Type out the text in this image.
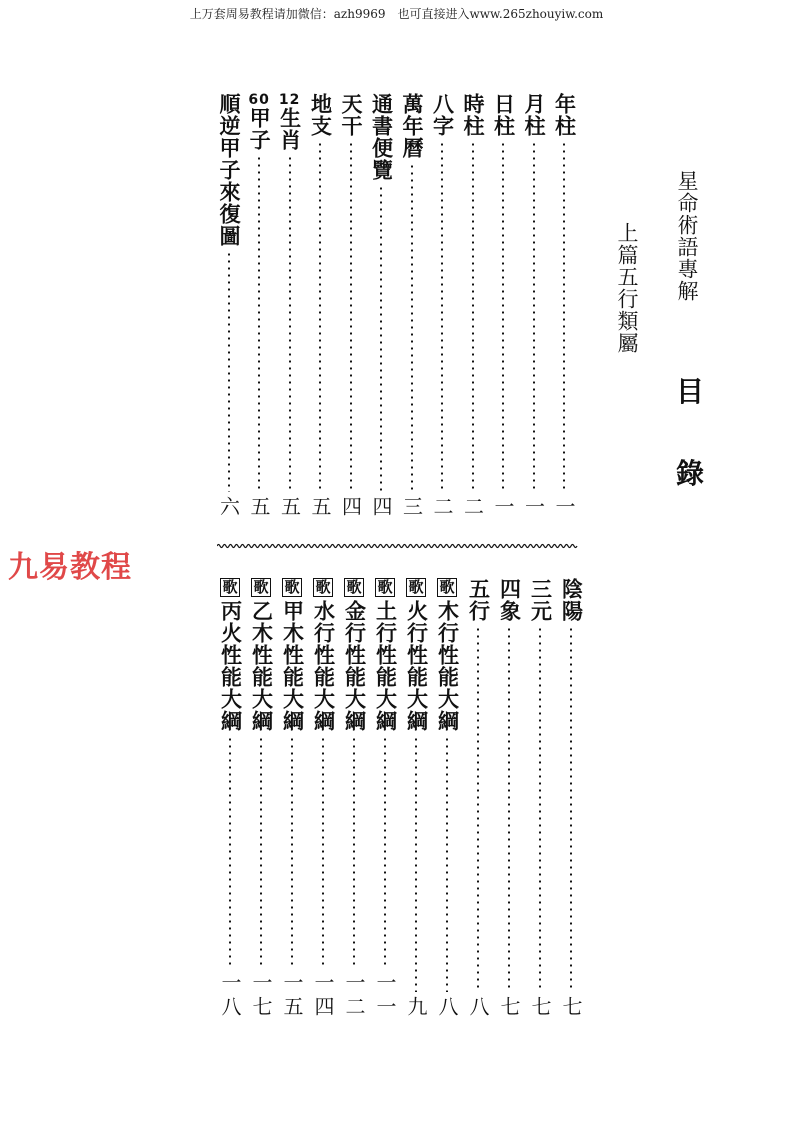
上万套周易教程请加微信：azh9969　也可直接进入www.265zhouyiw.com
星命術語專解
上篇五行類屬
目
錄
年柱
一
月柱
一
日柱
一
時柱
二
八字
二
萬年曆
三
通書便覽
四
天干
四
地支
五
12生肖
五
60甲子
五
順逆甲子來復圖
六
九易教程
陰陽
七
三元
七
四象
七
五行
八
歌
木行性能大綱
八
歌
火行性能大綱
九
歌
土行性能大綱
一一
歌
金行性能大綱
一二
歌
水行性能大綱
一四
歌
甲木性能大綱
一五
歌
乙木性能大綱
一七
歌
丙火性能大綱
一八
